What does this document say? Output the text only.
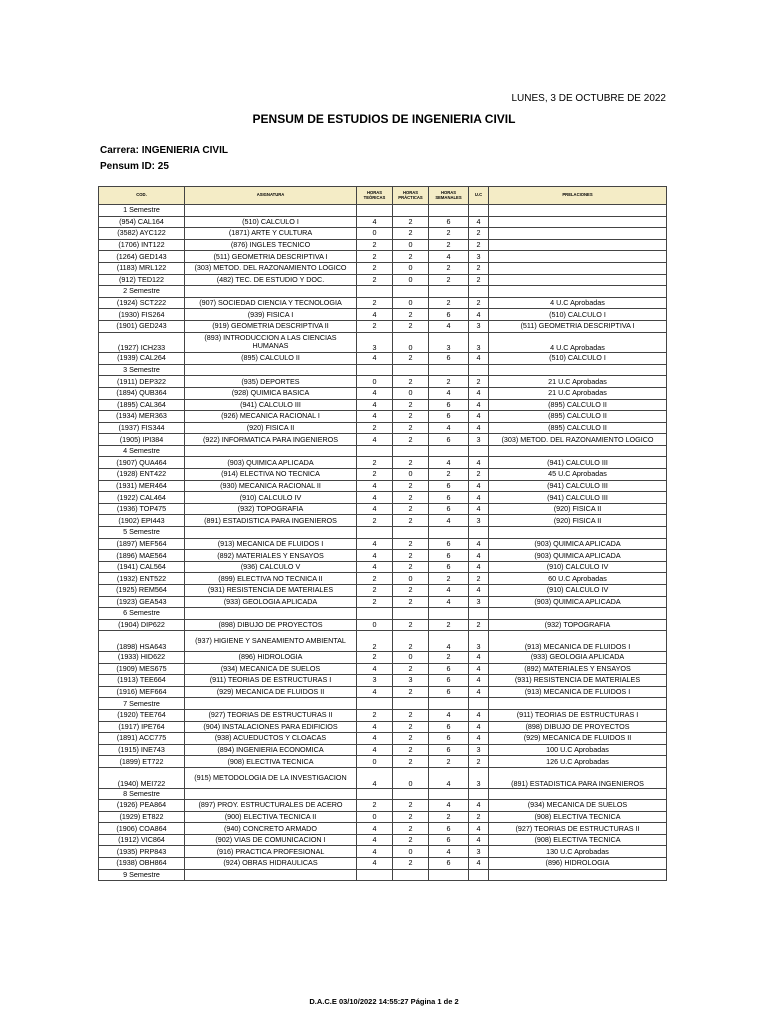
LUNES, 3 DE OCTUBRE DE 2022
PENSUM DE ESTUDIOS DE INGENIERIA CIVIL
Carrera: INGENIERIA CIVIL
Pensum ID: 25
COD.	ASIGNATURA	HORAS TEÓRICAS	HORAS PRÁCTICAS	HORAS SEMANALES	U.C	PRELACIONES
1 Semestre						
(954) CAL164	(510) CALCULO I	4	2	6	4	
(3582) AYC122	(1871) ARTE Y CULTURA	0	2	2	2	
(1706) INT122	(876) INGLES TECNICO	2	0	2	2	
(1264) GED143	(511) GEOMETRIA DESCRIPTIVA I	2	2	4	3	
(1183) MRL122	(303) METOD. DEL RAZONAMIENTO LOGICO	2	0	2	2	
(912) TED122	(482) TEC. DE ESTUDIO Y DOC.	2	0	2	2	
2 Semestre						
(1924) SCT222	(907) SOCIEDAD CIENCIA Y TECNOLOGIA	2	0	2	2	4 U.C Aprobadas
(1930) FIS264	(939) FISICA I	4	2	6	4	(510) CALCULO I
(1901) GED243	(919) GEOMETRIA DESCRIPTIVA II	2	2	4	3	(511) GEOMETRIA DESCRIPTIVA I
(1927) ICH233	(893) INTRODUCCION A LAS CIENCIAS HUMANAS	3	0	3	3	4 U.C Aprobadas
(1939) CAL264	(895) CALCULO II	4	2	6	4	(510) CALCULO I
3 Semestre						
(1911) DEP322	(935) DEPORTES	0	2	2	2	21 U.C Aprobadas
(1894) QUB364	(928) QUIMICA BASICA	4	0	4	4	21 U.C Aprobadas
(1895) CAL364	(941) CALCULO III	4	2	6	4	(895) CALCULO II
(1934) MER363	(926) MECANICA RACIONAL I	4	2	6	4	(895) CALCULO II
(1937) FIS344	(920) FISICA II	2	2	4	4	(895) CALCULO II
(1905) IPI384	(922) INFORMATICA PARA INGENIEROS	4	2	6	3	(303) METOD. DEL RAZONAMIENTO LOGICO
4 Semestre						
(1907) QUA464	(903) QUIMICA APLICADA	2	2	4	4	(941) CALCULO III
(1928) ENT422	(914) ELECTIVA NO TECNICA	2	0	2	2	45 U.C Aprobadas
(1931) MER464	(930) MECANICA RACIONAL II	4	2	6	4	(941) CALCULO III
(1922) CAL464	(910) CALCULO IV	4	2	6	4	(941) CALCULO III
(1936) TOP475	(932) TOPOGRAFIA	4	2	6	4	(920) FISICA II
(1902) EPI443	(891) ESTADISTICA PARA INGENIEROS	2	2	4	3	(920) FISICA II
5 Semestre						
(1897) MEF564	(913) MECANICA DE FLUIDOS I	4	2	6	4	(903) QUIMICA APLICADA
(1896) MAE564	(892) MATERIALES Y ENSAYOS	4	2	6	4	(903) QUIMICA APLICADA
(1941) CAL564	(936) CALCULO V	4	2	6	4	(910) CALCULO IV
(1932) ENT522	(899) ELECTIVA NO TECNICA II	2	0	2	2	60 U.C Aprobadas
(1925) REM564	(931) RESISTENCIA DE MATERIALES	2	2	4	4	(910) CALCULO IV
(1923) GEA543	(933) GEOLOGIA APLICADA	2	2	4	3	(903) QUIMICA APLICADA
6 Semestre						
(1904) DIP622	(898) DIBUJO DE PROYECTOS	0	2	2	2	(932) TOPOGRAFIA
(1898) HSA643	(937) HIGIENE Y SANEAMIENTO AMBIENTAL	2	2	4	3	(913) MECANICA DE FLUIDOS I
(1933) HID622	(896) HIDROLOGIA	2	0	2	4	(933) GEOLOGIA APLICADA
(1909) MES675	(934) MECANICA DE SUELOS	4	2	6	4	(892) MATERIALES Y ENSAYOS
(1913) TEE664	(911) TEORIAS DE ESTRUCTURAS I	3	3	6	4	(931) RESISTENCIA DE MATERIALES
(1916) MEF664	(929) MECANICA DE FLUIDOS II	4	2	6	4	(913) MECANICA DE FLUIDOS I
7 Semestre						
(1920) TEE764	(927) TEORIAS DE ESTRUCTURAS II	2	2	4	4	(911) TEORIAS DE ESTRUCTURAS I
(1917) IPE764	(904) INSTALACIONES PARA EDIFICIOS	4	2	6	4	(898) DIBUJO DE PROYECTOS
(1891) ACC775	(938) ACUEDUCTOS Y CLOACAS	4	2	6	4	(929) MECANICA DE FLUIDOS II
(1915) INE743	(894) INGENIERIA ECONOMICA	4	2	6	3	100 U.C Aprobadas
(1899) ET722	(908) ELECTIVA TECNICA	0	2	2	2	126 U.C Aprobadas
(1940) MEI722	(915) METODOLOGIA DE LA INVESTIGACION	4	0	4	3	(891) ESTADISTICA PARA INGENIEROS
8 Semestre						
(1926) PEA864	(897) PROY. ESTRUCTURALES DE ACERO	2	2	4	4	(934) MECANICA DE SUELOS
(1929) ET822	(900) ELECTIVA TECNICA II	0	2	2	2	(908) ELECTIVA TECNICA
(1906) COA864	(940) CONCRETO ARMADO	4	2	6	4	(927) TEORIAS DE ESTRUCTURAS II
(1912) VIC864	(902) VIAS DE COMUNICACION I	4	2	6	4	(908) ELECTIVA TECNICA
(1935) PRP843	(916) PRACTICA PROFESIONAL	4	0	4	3	130 U.C Aprobadas
(1938) OBH864	(924) OBRAS HIDRAULICAS	4	2	6	4	(896) HIDROLOGIA
9 Semestre						
D.A.C.E 03/10/2022 14:55:27 Página 1 de 2
